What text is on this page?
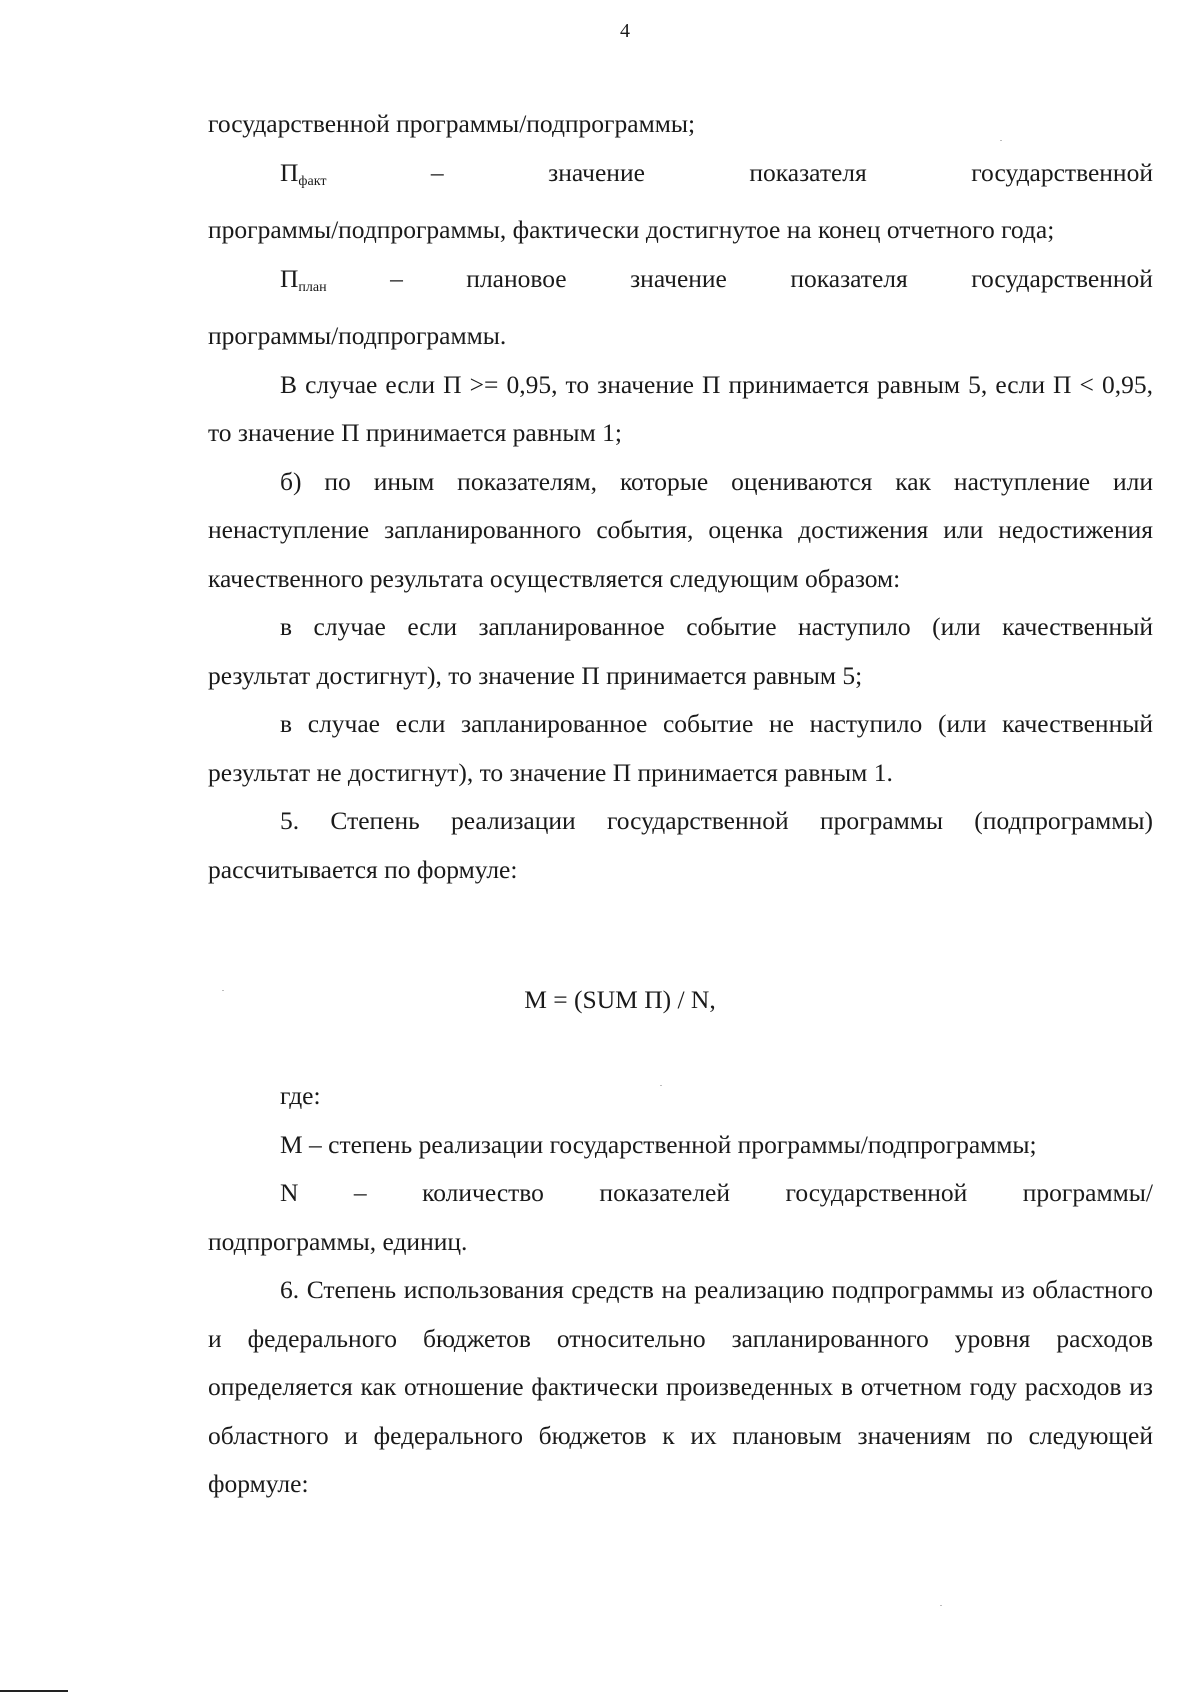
4

государственной программы/подпрограммы;

$П_{факт}$	–	значение	показателя	государственной

программы/подпрограммы, фактически достигнутое на конец отчетного года;

$П_{план}$ – плановое значение показателя государственной

программы/подпрограммы.

В случае если П >= 0,95, то значение П принимается равным 5, если П < 0,95, то значение П принимается равным 1;

б) по иным показателям, которые оцениваются как наступление или ненаступление запланированного события, оценка достижения или недостижения качественного результата осуществляется следующим образом:

в случае если запланированное событие наступило (или качественный результат достигнут), то значение П принимается равным 5;

в случае если запланированное событие не наступило (или качественный результат не достигнут), то значение П принимается равным 1.

5. Степень реализации государственной программы (подпрограммы) рассчитывается по формуле:

M = (SUM П) / N,

где:

M – степень реализации государственной программы/подпрограммы;

N – количество показателей государственной программы/

подпрограммы, единиц.

6. Степень использования средств на реализацию подпрограммы из областного и федерального бюджетов относительно запланированного уровня расходов определяется как отношение фактически произведенных в отчетном году расходов из областного и федерального бюджетов к их плановым значениям по следующей формуле:
